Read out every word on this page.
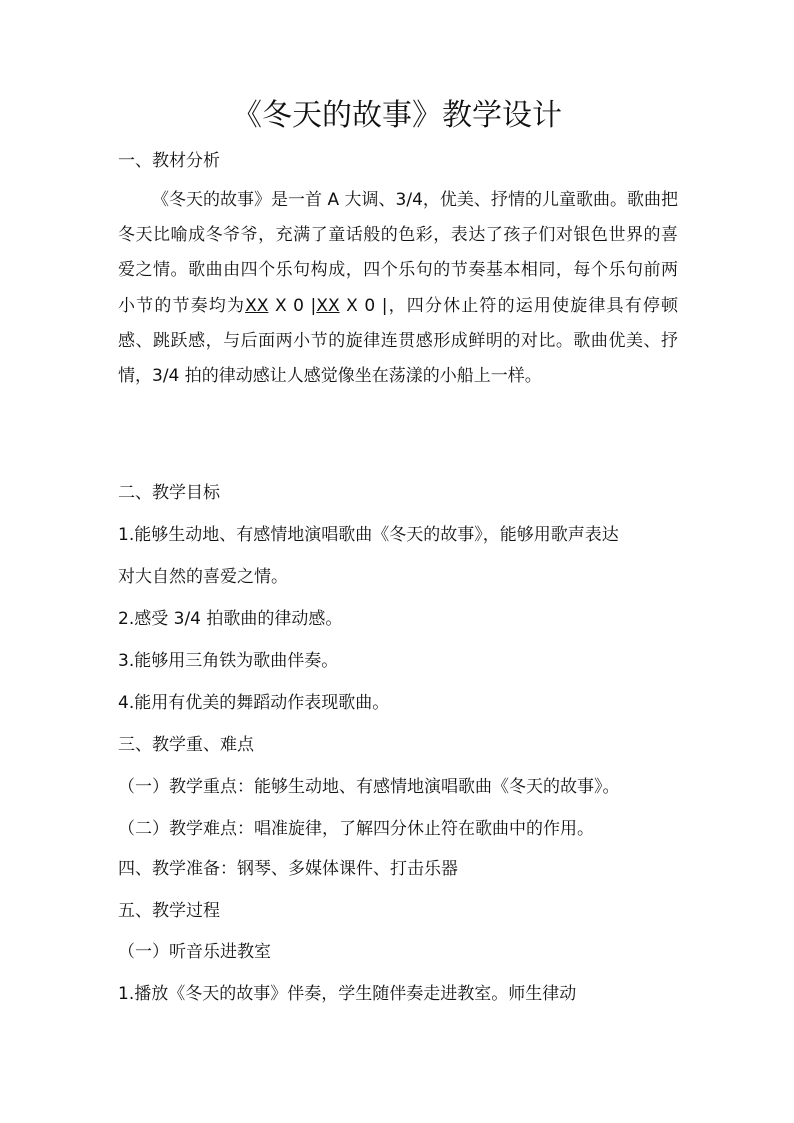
《冬天的故事》教学设计
一、教材分析
《冬天的故事》是一首 A 大调、3/4，优美、抒情的儿童歌曲。歌曲把冬天比喻成冬爷爷，充满了童话般的色彩，表达了孩子们对银色世界的喜爱之情。歌曲由四个乐句构成，四个乐句的节奏基本相同，每个乐句前两小节的节奏均为XX X 0 |XX X 0 |，四分休止符的运用使旋律具有停顿感、跳跃感，与后面两小节的旋律连贯感形成鲜明的对比。歌曲优美、抒情，3/4 拍的律动感让人感觉像坐在荡漾的小船上一样。
二、教学目标
1.能够生动地、有感情地演唱歌曲《冬天的故事》，能够用歌声表达
对大自然的喜爱之情。
2.感受 3/4 拍歌曲的律动感。
3.能够用三角铁为歌曲伴奏。
4.能用有优美的舞蹈动作表现歌曲。
三、教学重、难点
（一）教学重点：能够生动地、有感情地演唱歌曲《冬天的故事》。
（二）教学难点：唱准旋律，了解四分休止符在歌曲中的作用。
四、教学准备：钢琴、多媒体课件、打击乐器
五、教学过程
（一）听音乐进教室
1.播放《冬天的故事》伴奏，学生随伴奏走进教室。师生律动
